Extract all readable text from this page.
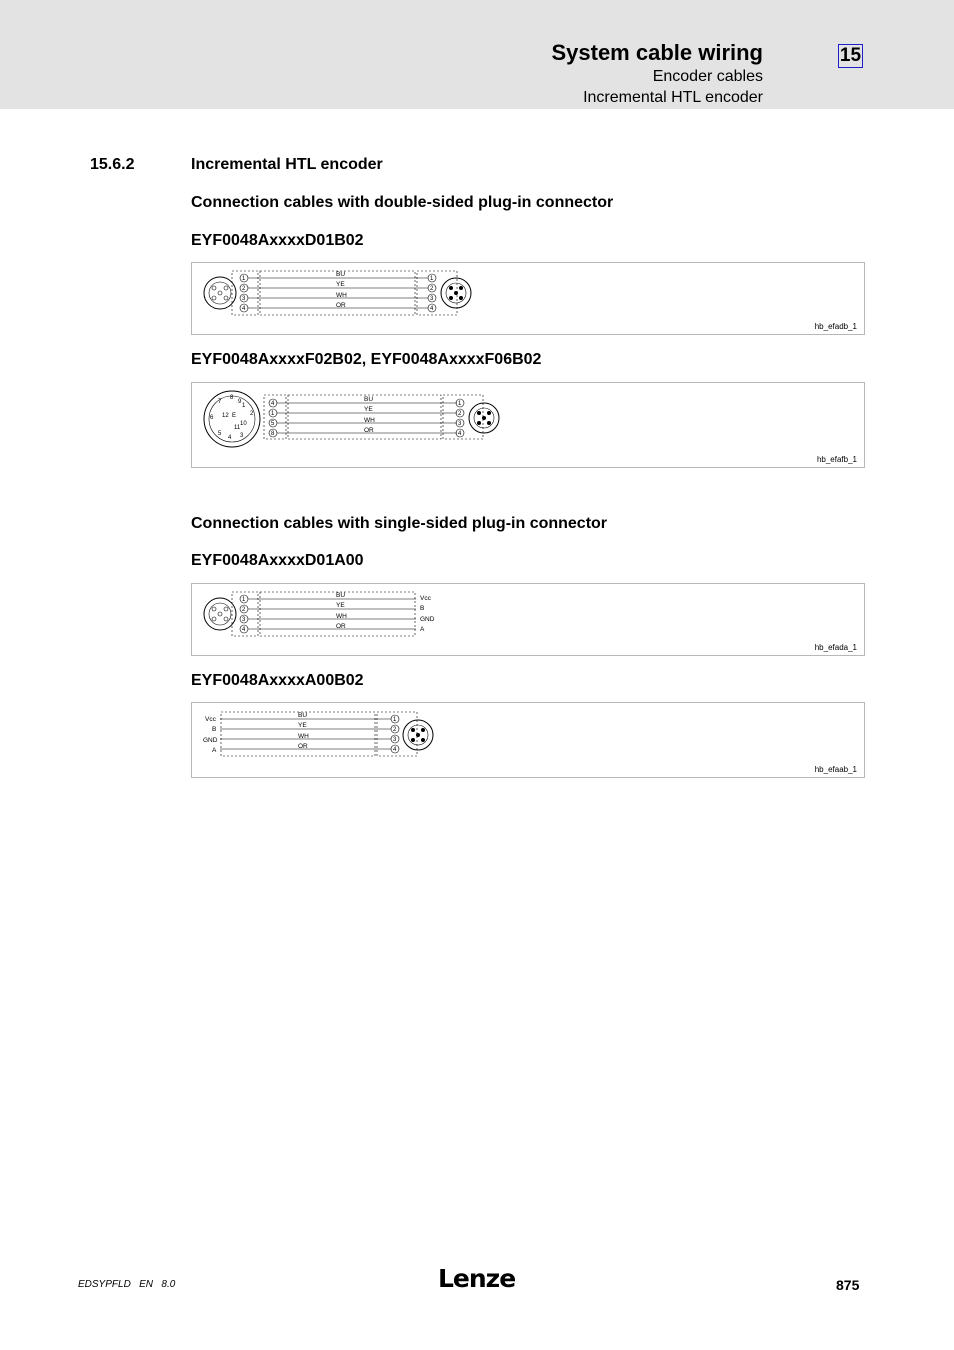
System cable wiring
Encoder cables
Incremental HTL encoder
15
15.6.2	Incremental HTL encoder
Connection cables with double-sided plug-in connector
EYF0048AxxxxD01B02
1
2
3
4
BU
YE
WH
OR
1
2
3
4
hb_efadb_1
EYF0048AxxxxF02B02, EYF0048AxxxxF06B02
8
9
7
1
6 12 E
10
2
11
5
4 3
4
1
5
8
BU
YE
WH
OR
1
2
3
4
hb_efafb_1
Connection cables with single-sided plug-in connector
EYF0048AxxxxD01A00
1
2
3
4
BU
YE
WH
OR
Vcc
B
GND
A
hb_efada_1
EYF0048AxxxxA00B02
Vcc
B
GND
A
BU
YE
WH
OR
1
2
3
4
hb_efaab_1
EDSYPFLD EN 8.0	Lenze	875
